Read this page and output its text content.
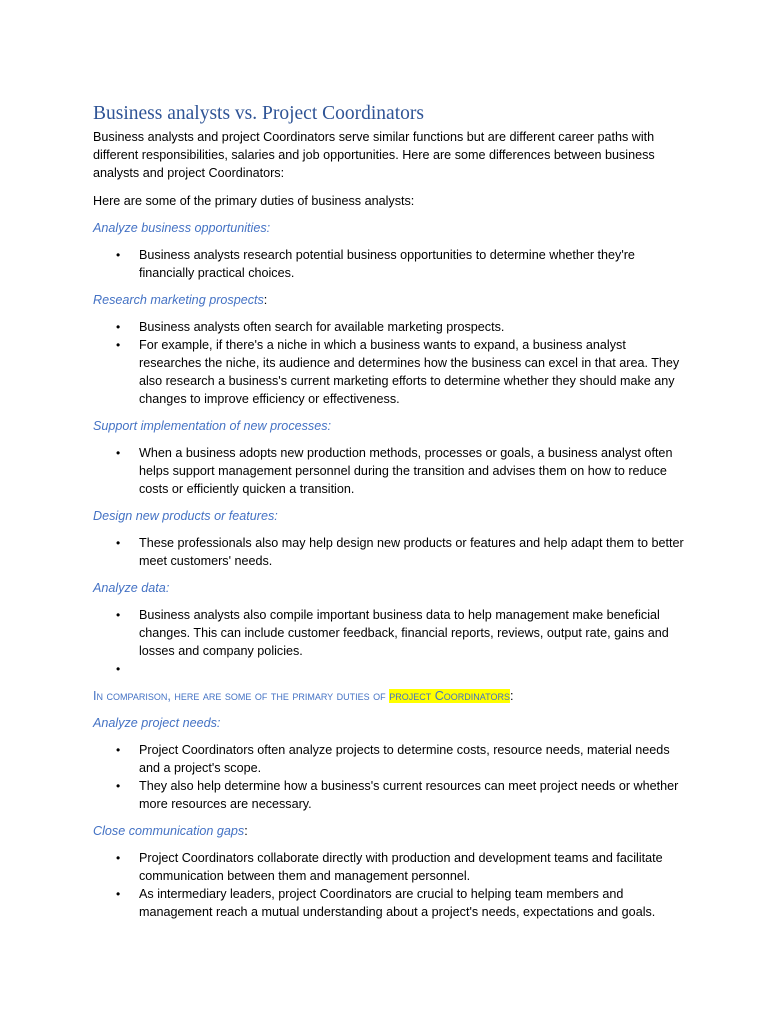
Business analysts vs. Project Coordinators

Business analysts and project Coordinators serve similar functions but are different career paths with different responsibilities, salaries and job opportunities. Here are some differences between business analysts and project Coordinators:

Here are some of the primary duties of business analysts:

Analyze business opportunities:

• Business analysts research potential business opportunities to determine whether they're financially practical choices.

Research marketing prospects:

• Business analysts often search for available marketing prospects.
• For example, if there's a niche in which a business wants to expand, a business analyst researches the niche, its audience and determines how the business can excel in that area. They also research a business's current marketing efforts to determine whether they should make any changes to improve efficiency or effectiveness.

Support implementation of new processes:

• When a business adopts new production methods, processes or goals, a business analyst often helps support management personnel during the transition and advises them on how to reduce costs or efficiently quicken a transition.

Design new products or features:

• These professionals also may help design new products or features and help adapt them to better meet customers' needs.

Analyze data:

• Business analysts also compile important business data to help management make beneficial changes. This can include customer feedback, financial reports, reviews, output rate, gains and losses and company policies.
•

In comparison, here are some of the primary duties of project Coordinators:

Analyze project needs:

• Project Coordinators often analyze projects to determine costs, resource needs, material needs and a project's scope.
• They also help determine how a business's current resources can meet project needs or whether more resources are necessary.

Close communication gaps:

• Project Coordinators collaborate directly with production and development teams and facilitate communication between them and management personnel.
• As intermediary leaders, project Coordinators are crucial to helping team members and management reach a mutual understanding about a project's needs, expectations and goals.
